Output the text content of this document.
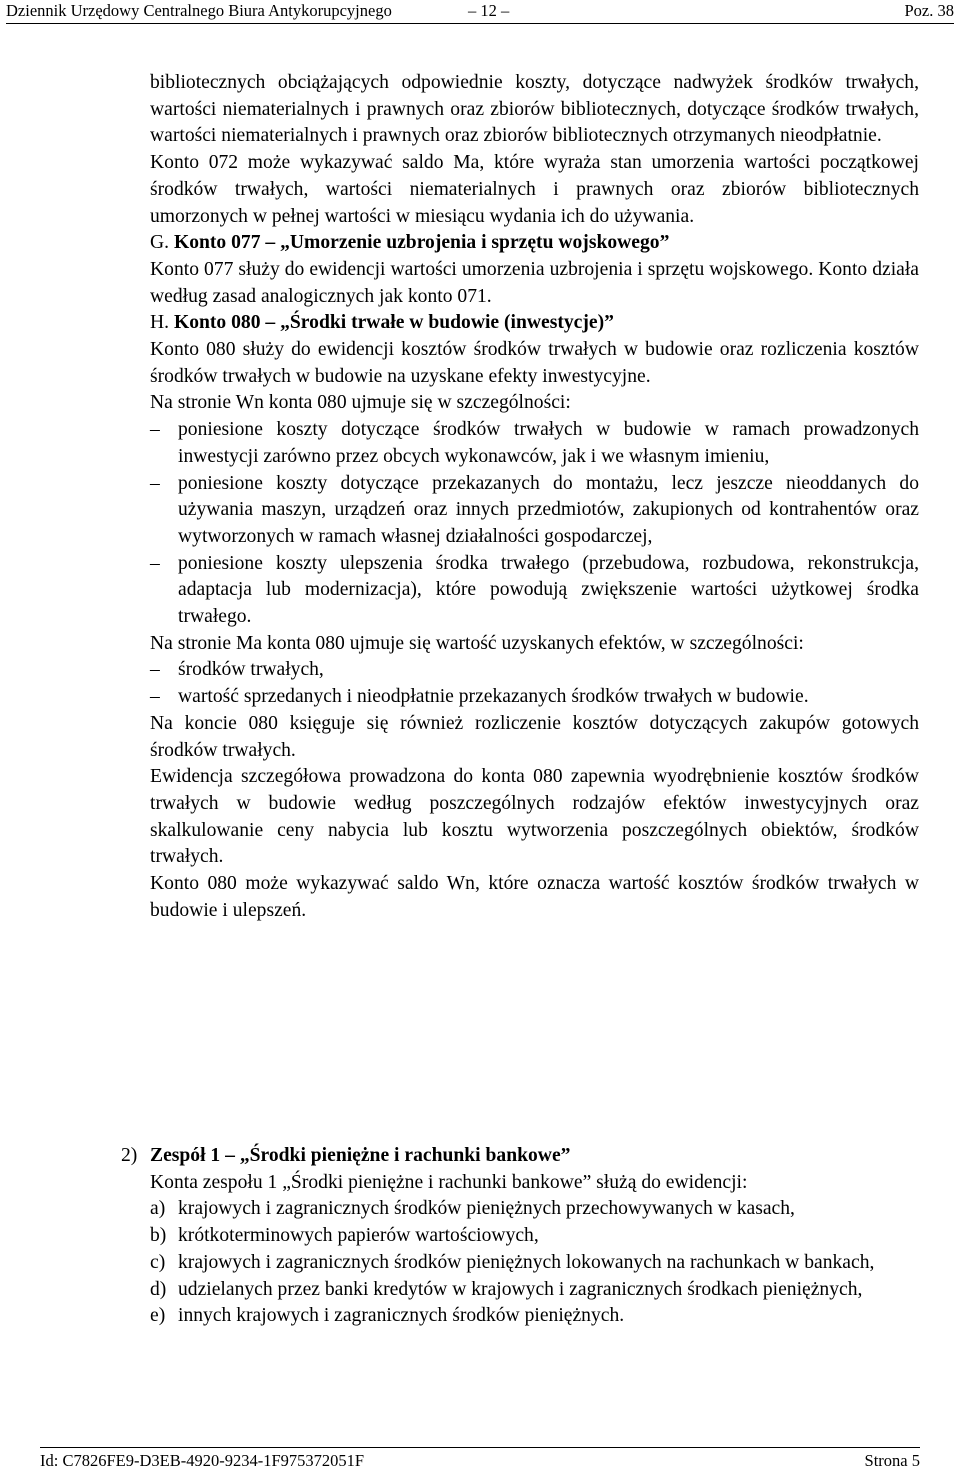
Dziennik Urzędowy Centralnego Biura Antykorupcyjnego	– 12 –	Poz. 38

bibliotecznych obciążających odpowiednie koszty, dotyczące nadwyżek środków trwałych, wartości niematerialnych i prawnych oraz zbiorów bibliotecznych, dotyczące środków trwałych, wartości niematerialnych i prawnych oraz zbiorów bibliotecznych otrzymanych nieodpłatnie.

Konto 072 może wykazywać saldo Ma, które wyraża stan umorzenia wartości początkowej środków trwałych, wartości niematerialnych i prawnych oraz zbiorów bibliotecznych umorzonych w pełnej wartości w miesiącu wydania ich do używania.

G. Konto 077 – „Umorzenie uzbrojenia i sprzętu wojskowego”

Konto 077 służy do ewidencji wartości umorzenia uzbrojenia i sprzętu wojskowego. Konto działa według zasad analogicznych jak konto 071.

H. Konto 080 – „Środki trwałe w budowie (inwestycje)”

Konto 080 służy do ewidencji kosztów środków trwałych w budowie oraz rozliczenia kosztów środków trwałych w budowie na uzyskane efekty inwestycyjne.

Na stronie Wn konta 080 ujmuje się w szczególności:

– poniesione koszty dotyczące środków trwałych w budowie w ramach prowadzonych inwestycji zarówno przez obcych wykonawców, jak i we własnym imieniu,
– poniesione koszty dotyczące przekazanych do montażu, lecz jeszcze nieoddanych do używania maszyn, urządzeń oraz innych przedmiotów, zakupionych od kontrahentów oraz wytworzonych w ramach własnej działalności gospodarczej,
– poniesione koszty ulepszenia środka trwałego (przebudowa, rozbudowa, rekonstrukcja, adaptacja lub modernizacja), które powodują zwiększenie wartości użytkowej środka trwałego.

Na stronie Ma konta 080 ujmuje się wartość uzyskanych efektów, w szczególności:

– środków trwałych,
– wartość sprzedanych i nieodpłatnie przekazanych środków trwałych w budowie.

Na koncie 080 księguje się również rozliczenie kosztów dotyczących zakupów gotowych środków trwałych.

Ewidencja szczegółowa prowadzona do konta 080 zapewnia wyodrębnienie kosztów środków trwałych w budowie według poszczególnych rodzajów efektów inwestycyjnych oraz skalkulowanie ceny nabycia lub kosztu wytworzenia poszczególnych obiektów, środków trwałych.

Konto 080 może wykazywać saldo Wn, które oznacza wartość kosztów środków trwałych w budowie i ulepszeń.

2) Zespół 1 – „Środki pieniężne i rachunki bankowe”

Konta zespołu 1 „Środki pieniężne i rachunki bankowe” służą do ewidencji:

a) krajowych i zagranicznych środków pieniężnych przechowywanych w kasach,
b) krótkoterminowych papierów wartościowych,
c) krajowych i zagranicznych środków pieniężnych lokowanych na rachunkach w bankach,
d) udzielanych przez banki kredytów w krajowych i zagranicznych środkach pieniężnych,
e) innych krajowych i zagranicznych środków pieniężnych.
Id: C7826FE9-D3EB-4920-9234-1F975372051F	Strona 5
